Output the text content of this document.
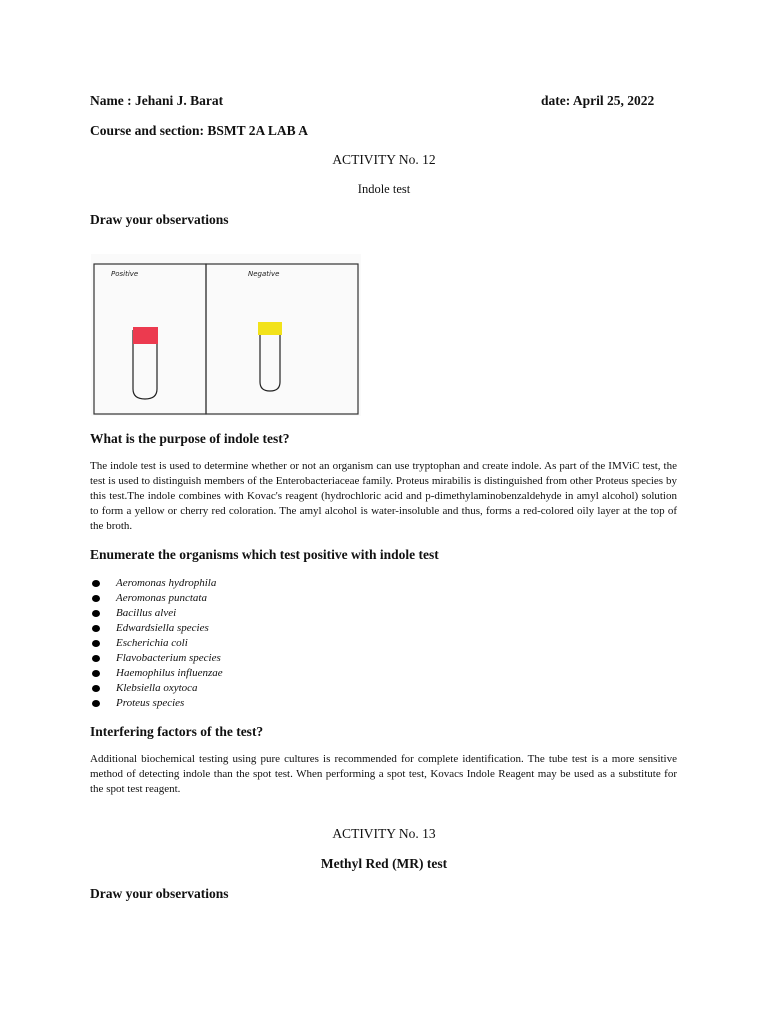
Name : Jehani J. Barat	date: April 25, 2022
Course and section: BSMT 2A LAB A
ACTIVITY No. 12
Indole test
Draw your observations
Positive	Negative
What is the purpose of indole test?

The indole test is used to determine whether or not an organism can use tryptophan and create indole. As part of the IMViC test, the test is used to distinguish members of the Enterobacteriaceae family. Proteus mirabilis is distinguished from other Proteus species by this test.The indole combines with Kovac's reagent (hydrochloric acid and p-dimethylaminobenzaldehyde in amyl alcohol) solution to form a yellow or cherry red coloration. The amyl alcohol is water-insoluble and thus, forms a red-colored oily layer at the top of the broth.

Enumerate the organisms which test positive with indole test
Aeromonas hydrophila
Aeromonas punctata
Bacillus alvei
Edwardsiella species
Escherichia coli
Flavobacterium species
Haemophilus influenzae
Klebsiella oxytoca
Proteus species
Interfering factors of the test?

Additional biochemical testing using pure cultures is recommended for complete identification. The tube test is a more sensitive method of detecting indole than the spot test. When performing a spot test, Kovacs Indole Reagent may be used as a substitute for the spot test reagent.

ACTIVITY No. 13
Methyl Red (MR) test
Draw your observations
